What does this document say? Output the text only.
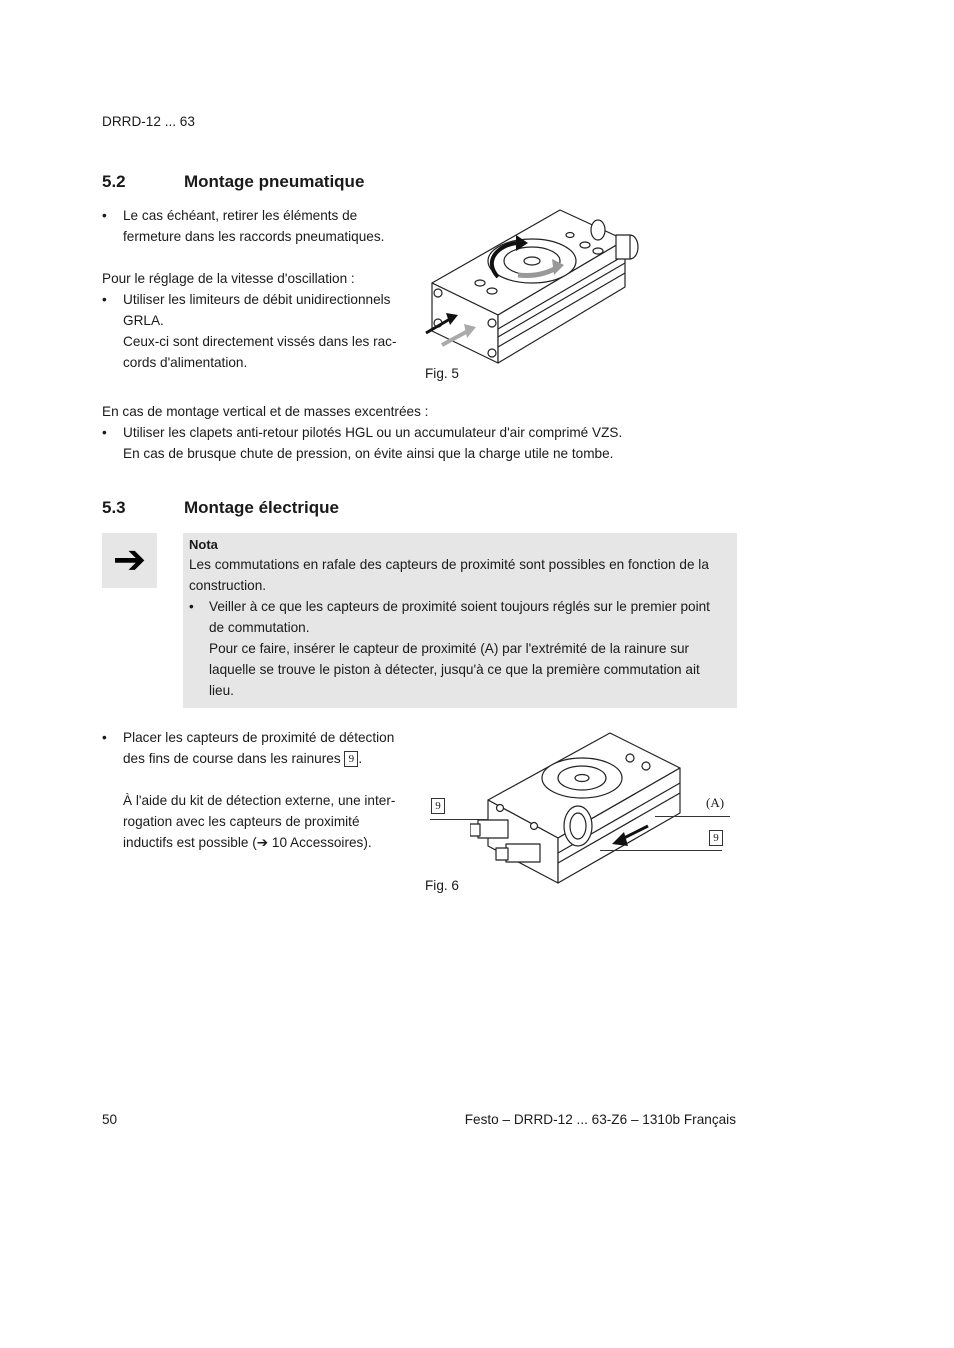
DRRD-12 ... 63
5.2	Montage pneumatique
• Le cas échéant, retirer les éléments de
fermeture dans les raccords pneumatiques.
Pour le réglage de la vitesse d'oscillation :
• Utiliser les limiteurs de débit unidirectionnels
GRLA.
Ceux-ci sont directement vissés dans les rac-
cords d'alimentation.
Fig. 5
En cas de montage vertical et de masses excentrées :
• Utiliser les clapets anti-retour pilotés HGL ou un accumulateur d'air comprimé VZS.
En cas de brusque chute de pression, on évite ainsi que la charge utile ne tombe.
5.3	Montage électrique
➔	Nota
Les commutations en rafale des capteurs de proximité sont possibles en fonction de la
construction.
• Veiller à ce que les capteurs de proximité soient toujours réglés sur le premier point
de commutation.
Pour ce faire, insérer le capteur de proximité (A) par l'extrémité de la rainure sur
laquelle se trouve le piston à détecter, jusqu'à ce que la première commutation ait
lieu.
• Placer les capteurs de proximité de détection
des fins de course dans les rainures 9 .
À l'aide du kit de détection externe, une inter-
rogation avec les capteurs de proximité
inductifs est possible (➔ 10 Accessoires).
9	(A)
9
Fig. 6
50	Festo – DRRD-12 ... 63-Z6 – 1310b Français
